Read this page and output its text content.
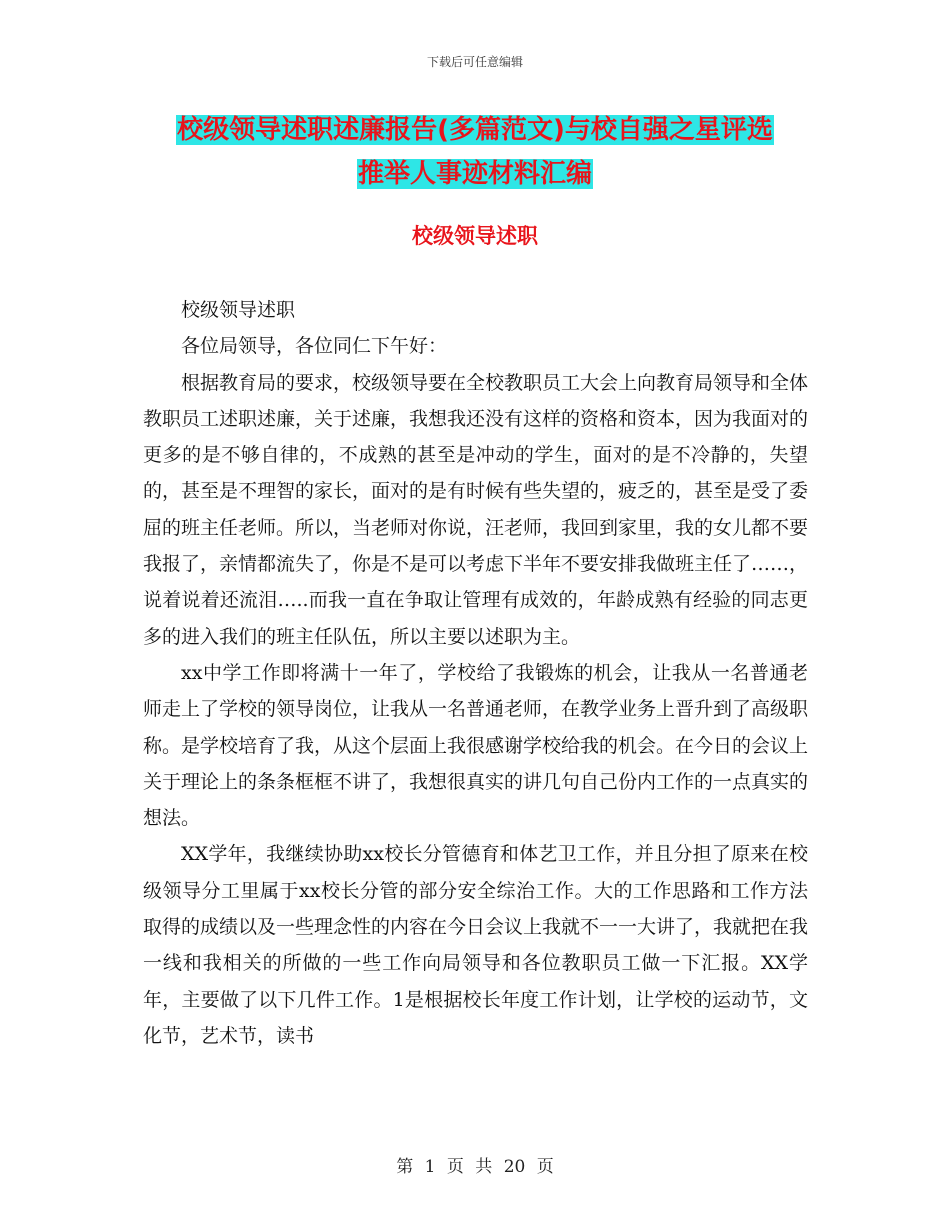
下载后可任意编辑
校级领导述职述廉报告(多篇范文)与校自强之星评选
推举人事迹材料汇编
校级领导述职

校级领导述职

各位局领导，各位同仁下午好：

根据教育局的要求，校级领导要在全校教职员工大会上向教育局领导和全体教职员工述职述廉，关于述廉，我想我还没有这样的资格和资本，因为我面对的更多的是不够自律的，不成熟的甚至是冲动的学生，面对的是不冷静的，失望的，甚至是不理智的家长，面对的是有时候有些失望的，疲乏的，甚至是受了委屈的班主任老师。所以，当老师对你说，汪老师，我回到家里，我的女儿都不要我报了，亲情都流失了，你是不是可以考虑下半年不要安排我做班主任了……，说着说着还流泪…..而我一直在争取让管理有成效的，年龄成熟有经验的同志更多的进入我们的班主任队伍，所以主要以述职为主。

xx中学工作即将满十一年了，学校给了我锻炼的机会，让我从一名普通老师走上了学校的领导岗位，让我从一名普通老师，在教学业务上晋升到了高级职称。是学校培育了我，从这个层面上我很感谢学校给我的机会。在今日的会议上关于理论上的条条框框不讲了，我想很真实的讲几句自己份内工作的一点真实的想法。

XX学年，我继续协助xx校长分管德育和体艺卫工作，并且分担了原来在校级领导分工里属于xx校长分管的部分安全综治工作。大的工作思路和工作方法取得的成绩以及一些理念性的内容在今日会议上我就不一一大讲了，我就把在我一线和我相关的所做的一些工作向局领导和各位教职员工做一下汇报。XX学年，主要做了以下几件工作。1是根据校长年度工作计划，让学校的运动节，文化节，艺术节，读书

第 1 页 共 20 页
